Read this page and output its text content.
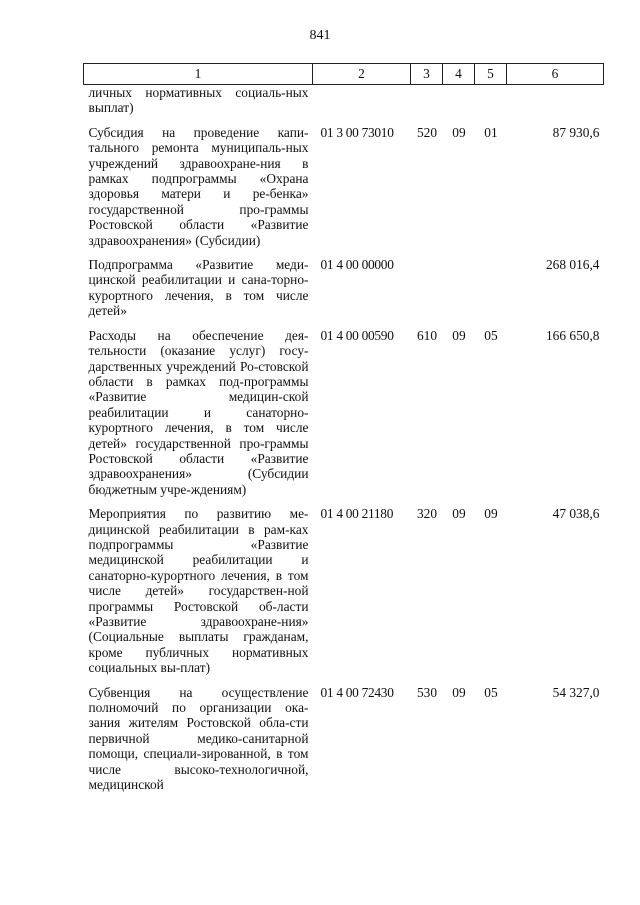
841
1	2	3	4	5	6
личных нормативных социаль-ных выплат)					

Субсидия на проведение капи-тального ремонта муниципаль-ных учреждений здравоохране-ния в рамках подпрограммы «Охрана здоровья матери и ре-бенка» государственной про-граммы Ростовской области «Развитие здравоохранения» (Субсидии)	01 3 00 73010	520	09	01	87 930,6

Подпрограмма «Развитие меди-цинской реабилитации и сана-торно-курортного лечения, в том числе детей»	01 4 00 00000				268 016,4

Расходы на обеспечение дея-тельности (оказание услуг) госу-дарственных учреждений Ро-стовской области в рамках под-программы «Развитие медицин-ской реабилитации и санаторно-курортного лечения, в том числе детей» государственной про-граммы Ростовской области «Развитие здравоохранения» (Субсидии бюджетным учре-ждениям)	01 4 00 00590	610	09	05	166 650,8

Мероприятия по развитию ме-дицинской реабилитации в рам-ках подпрограммы «Развитие медицинской реабилитации и санаторно-курортного лечения, в том числе детей» государствен-ной программы Ростовской об-ласти «Развитие здравоохране-ния» (Социальные выплаты гражданам, кроме публичных нормативных социальных вы-плат)	01 4 00 21180	320	09	09	47 038,6

Субвенция на осуществление полномочий по организации ока-зания жителям Ростовской обла-сти первичной медико-санитарной помощи, специали-зированной, в том числе высоко-технологичной, медицинской	01 4 00 72430	530	09	05	54 327,0
